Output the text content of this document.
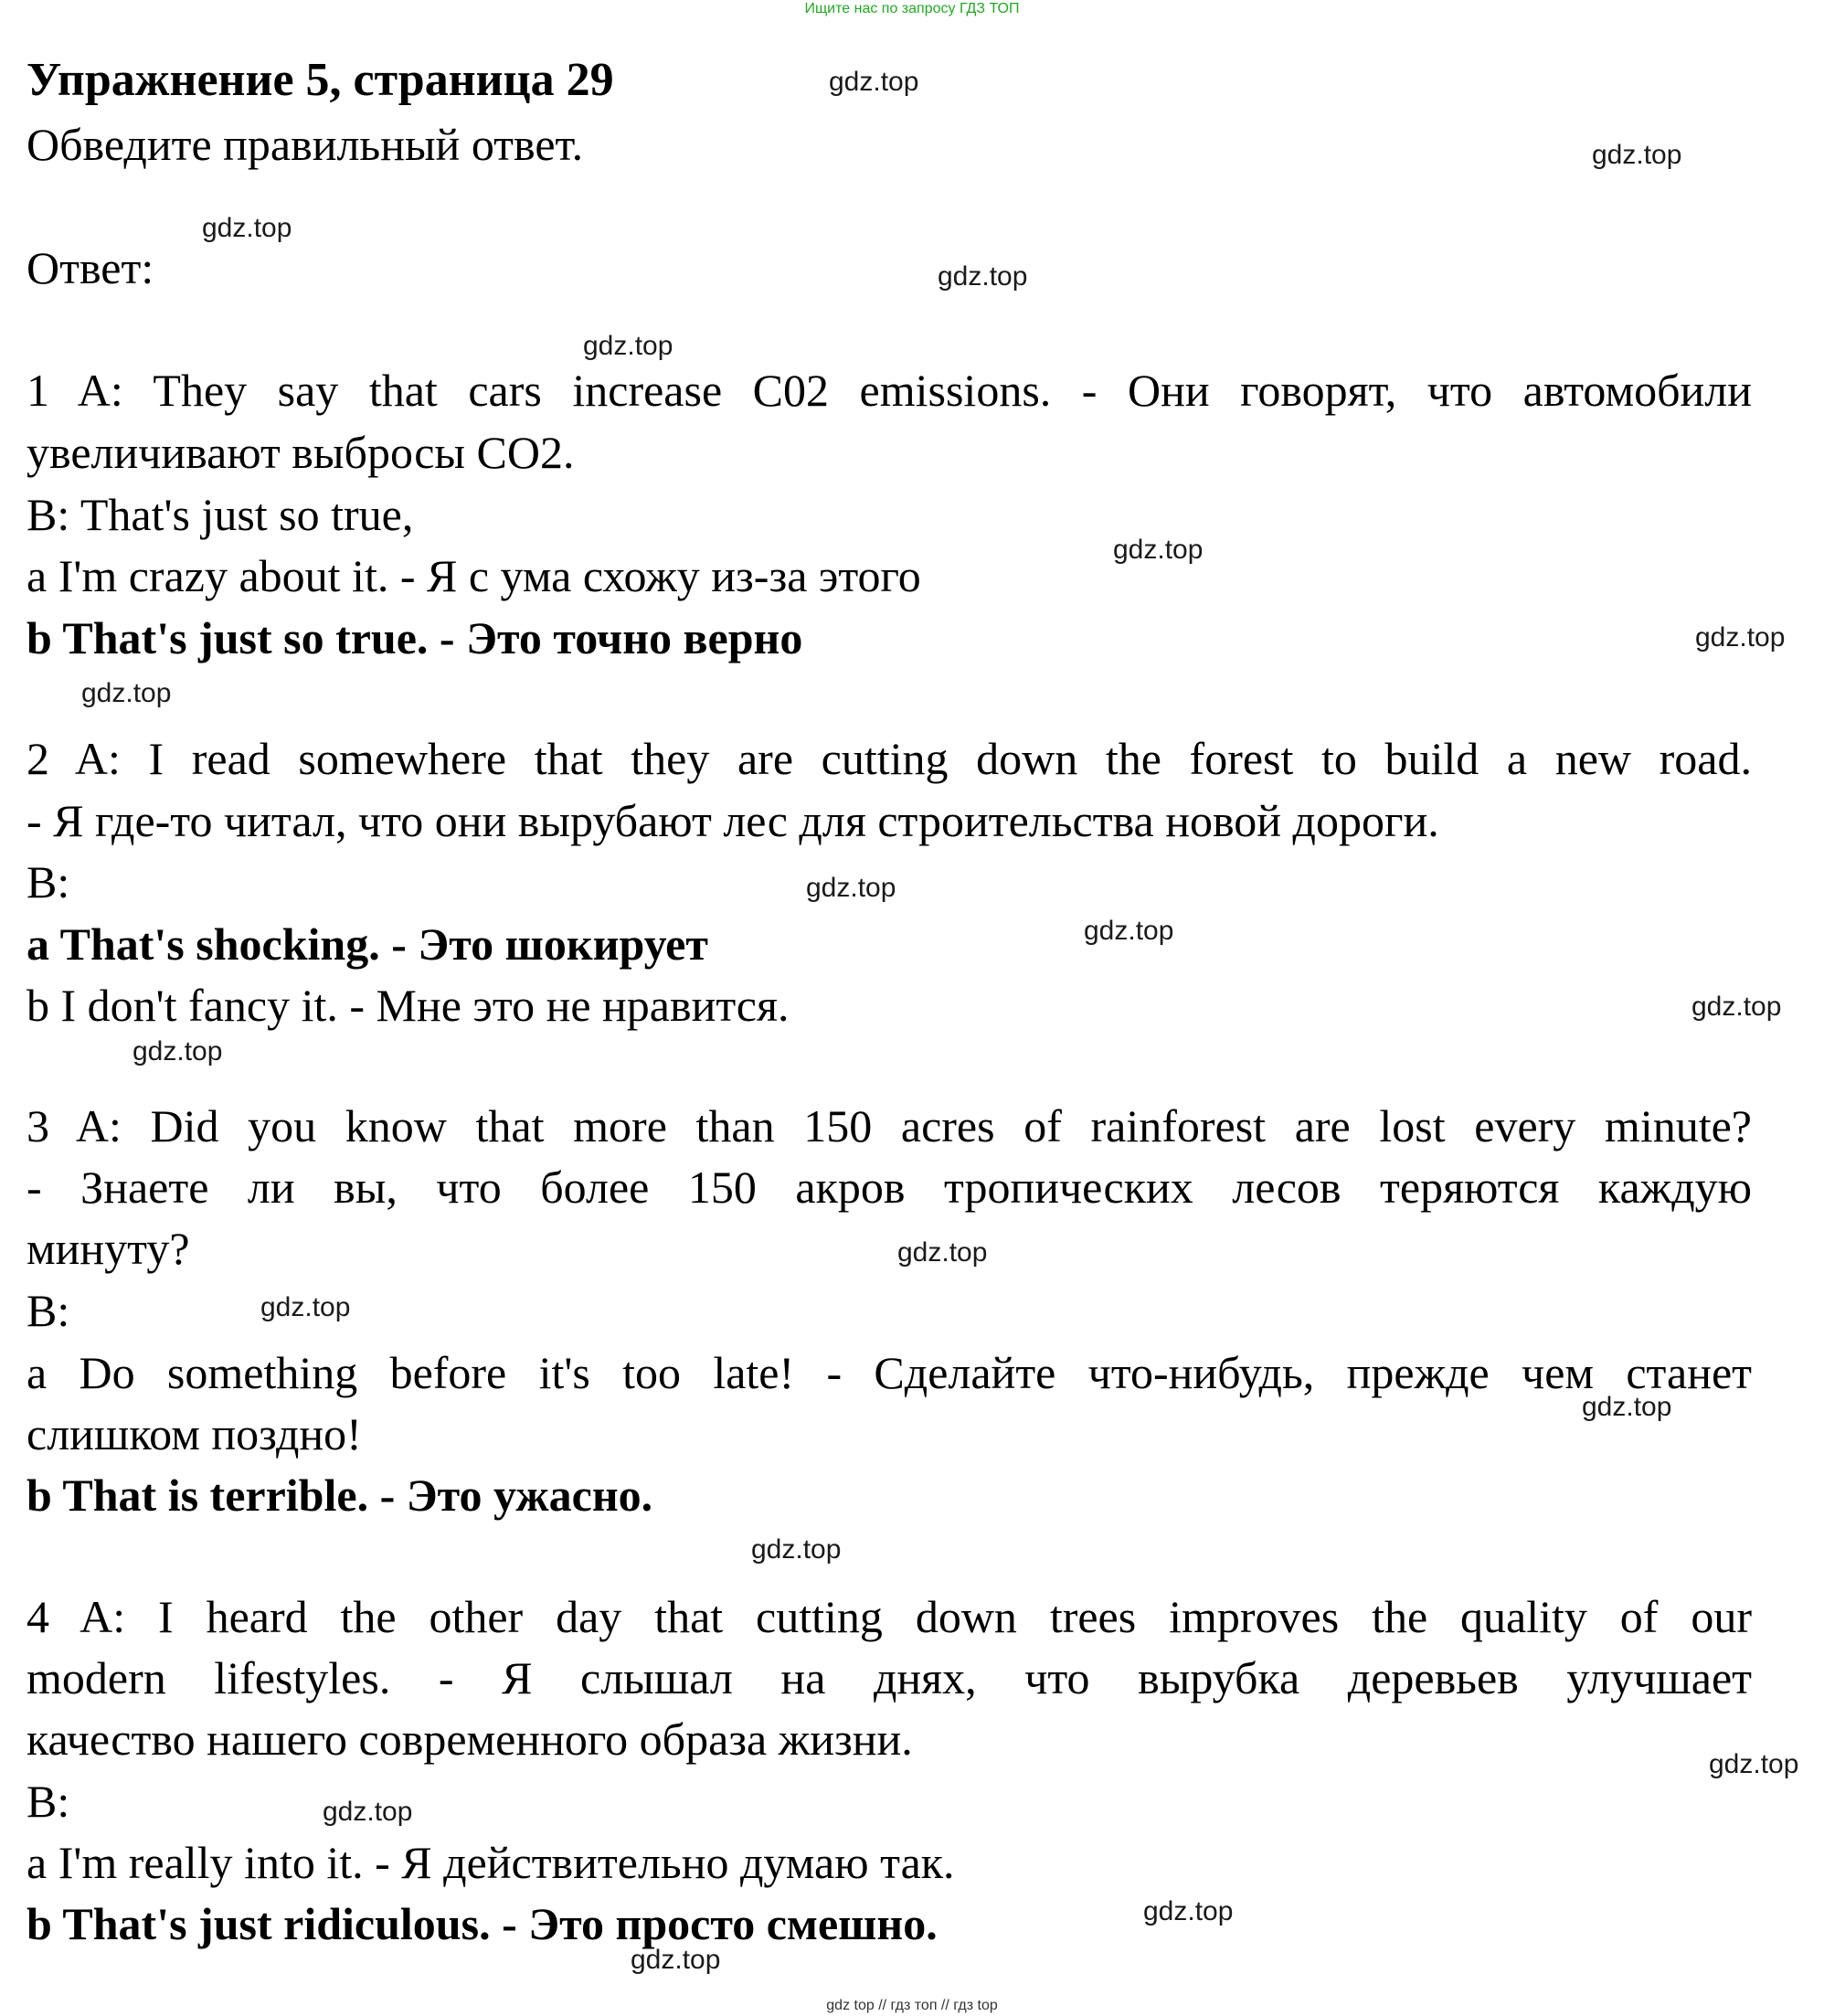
Ищите нас по запросу ГДЗ ТОП
Упражнение 5, страница 29
Обведите правильный ответ.
Ответ:
1 A: They say that cars increase C02 emissions. - Они говорят, что автомобили
увеличивают выбросы CO2.
B: That's just so true,
a I'm crazy about it. - Я с ума схожу из-за этого
b That's just so true. - Это точно верно
2 A: I read somewhere that they are cutting down the forest to build a new road.
- Я где-то читал, что они вырубают лес для строительства новой дороги.
B:
a That's shocking. - Это шокирует
b I don't fancy it. - Мне это не нравится.
3 A: Did you know that more than 150 acres of rainforest are lost every minute?
- Знаете ли вы, что более 150 акров тропических лесов теряются каждую
минуту?
B:
a Do something before it's too late! - Сделайте что-нибудь, прежде чем станет
слишком поздно!
b That is terrible. - Это ужасно.
4 A: I heard the other day that cutting down trees improves the quality of our
modern lifestyles. - Я слышал на днях, что вырубка деревьев улучшает
качество нашего современного образа жизни.
B:
a I'm really into it. - Я действительно думаю так.
b That's just ridiculous. - Это просто смешно.
gdz.top
gdz.top
gdz.top
gdz.top
gdz.top
gdz.top
gdz.top
gdz.top
gdz.top
gdz.top
gdz.top
gdz.top
gdz.top
gdz.top
gdz.top
gdz.top
gdz.top
gdz.top
gdz.top
gdz.top
gdz top // гдз топ // гдз top
